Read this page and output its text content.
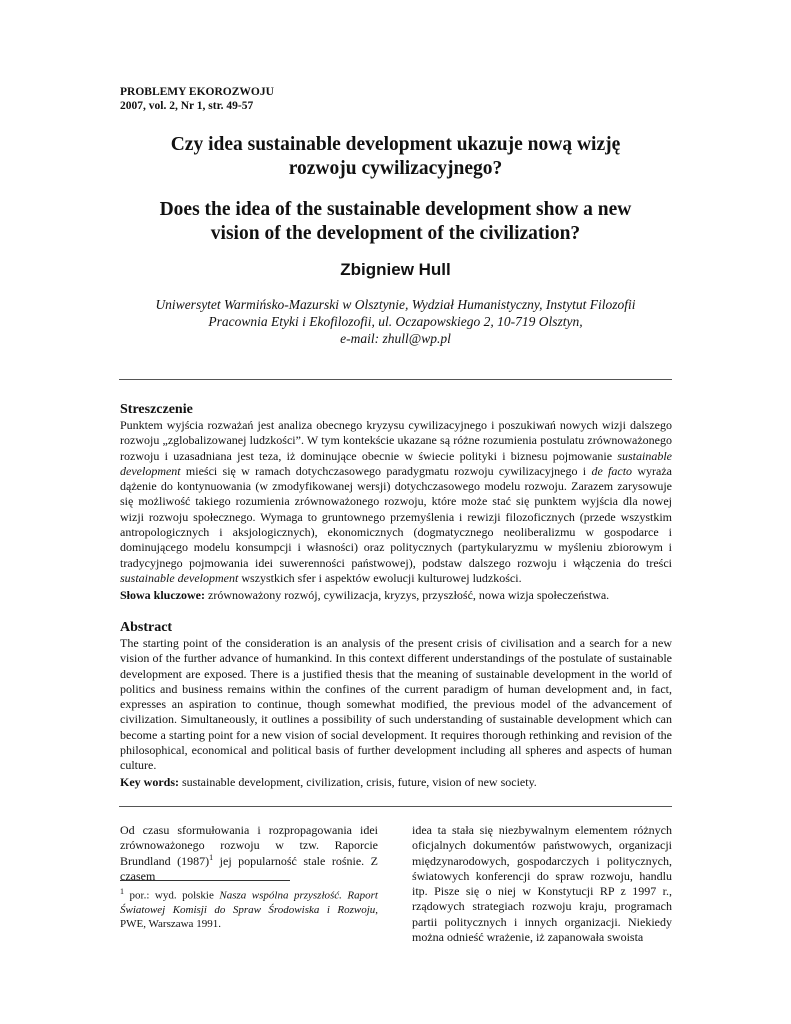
PROBLEMY EKOROZWOJU
2007, vol. 2, Nr 1, str. 49-57
Czy idea sustainable development ukazuje nową wizję
rozwoju cywilizacyjnego?
Does the idea of the sustainable development show a new
vision of the development of the civilization?
Zbigniew Hull
Uniwersytet Warmińsko-Mazurski w Olsztynie, Wydział Humanistyczny, Instytut Filozofii
Pracownia Etyki i Ekofilozofii, ul. Oczapowskiego 2, 10-719 Olsztyn,
e-mail: zhull@wp.pl
Streszczenie

Punktem wyjścia rozważań jest analiza obecnego kryzysu cywilizacyjnego i poszukiwań nowych wizji dalszego rozwoju „zglobalizowanej ludzkości”. W tym kontekście ukazane są różne rozumienia postulatu zrównoważonego rozwoju i uzasadniana jest teza, iż dominujące obecnie w świecie polityki i biznesu pojmowanie sustainable development mieści się w ramach dotychczasowego paradygmatu rozwoju cywilizacyjnego i de facto wyraża dążenie do kontynuowania (w zmodyfikowanej wersji) dotychczasowego modelu rozwoju. Zarazem zarysowuje się możliwość takiego rozumienia zrównoważonego rozwoju, które może stać się punktem wyjścia dla nowej wizji rozwoju społecznego. Wymaga to gruntownego przemyślenia i rewizji filozoficznych (przede wszystkim antropologicznych i aksjologicznych), ekonomicznych (dogmatycznego neoliberalizmu w gospodarce i dominującego modelu konsumpcji i własności) oraz politycznych (partykularyzmu w myśleniu zbiorowym i tradycyjnego pojmowania idei suwerenności państwowej), podstaw dalszego rozwoju i włączenia do treści sustainable development wszystkich sfer i aspektów ewolucji kulturowej ludzkości.

Słowa kluczowe: zrównoważony rozwój, cywilizacja, kryzys, przyszłość, nowa wizja społeczeństwa.

Abstract

The starting point of the consideration is an analysis of the present crisis of civilisation and a search for a new vision of the further advance of humankind. In this context different understandings of the postulate of sustainable development are exposed. There is a justified thesis that the meaning of sustainable development in the world of politics and business remains within the confines of the current paradigm of human development and, in fact, expresses an aspiration to continue, though somewhat modified, the previous model of the advancement of civilization. Simultaneously, it outlines a possibility of such understanding of sustainable development which can become a starting point for a new vision of social development. It requires thorough rethinking and revision of the philosophical, economical and political basis of further development including all spheres and aspects of human culture.

Key words: sustainable development, civilization, crisis, future, vision of new society.

Od czasu sformułowania i rozpropagowania idei zrównoważonego rozwoju w tzw. Raporcie Brundland $(1987)^1$ jej popularność stale rośnie. Z czasem

idea ta stała się niezbywalnym elementem różnych oficjalnych dokumentów państwowych, organizacji międzynarodowych, gospodarczych i politycznych, światowych konferencji do spraw rozwoju, handlu itp. Pisze się o niej w Konstytucji RP z 1997 r., rządowych strategiach rozwoju kraju, programach partii politycznych i innych organizacji. Niekiedy można odnieść wrażenie, iż zapanowała swoista

$^1$ por.: wyd. polskie Nasza wspólna przyszłość. Raport Światowej Komisji do Spraw Środowiska i Rozwoju, PWE, Warszawa 1991.
